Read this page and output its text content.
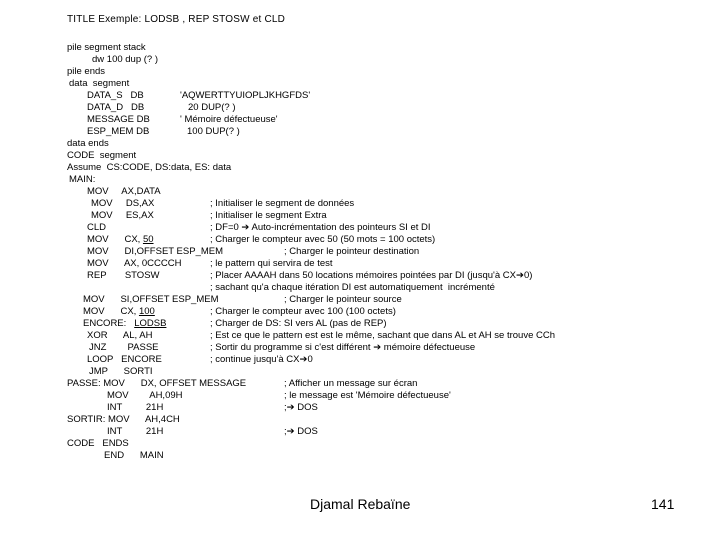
TITLE Exemple: LODSB , REP STOSW et CLD
pile segment stack
dw 100 dup (? )
pile ends
data  segment
DATA_S   DB	'AQWERTTYUIOPLJKHGFDS'
DATA_D   DB	20 DUP(? )
MESSAGE DB	' Mémoire défectueuse'
ESP_MEM DB	100 DUP(? )
data ends
CODE  segment
Assume  CS:CODE, DS:data, ES: data
MAIN:
MOV     AX,DATA
MOV     DS,AX	; Initialiser le segment de données
MOV     ES,AX	; Initialiser le segment Extra
CLD	; DF=0 ➔ Auto-incrémentation des pointeurs SI et DI
MOV      CX, 50	; Charger le compteur avec 50 (50 mots = 100 octets)
MOV      DI,OFFSET ESP_MEM	; Charger le pointeur destination
MOV      AX, 0CCCCH	; le pattern qui servira de test
REP       STOSW	; Placer AAAAH dans 50 locations mémoires pointées par DI (jusqu'à CX➔0)
; sachant qu'a chaque itération DI est automatiquement  incrémenté
MOV      SI,OFFSET ESP_MEM	; Charger le pointeur source
MOV      CX, 100	; Charger le compteur avec 100 (100 octets)
ENCORE:   LODSB	; Charger de DS: SI vers AL (pas de REP)
XOR      AL, AH	; Est ce que le pattern est est le même, sachant que dans AL et AH se trouve CCh
JNZ        PASSE	; Sortir du programme si c'est différent ➔ mémoire défectueuse
LOOP   ENCORE	; continue jusqu'à CX➔0
JMP      SORTI
PASSE: MOV      DX, OFFSET MESSAGE	; Afficher un message sur écran
MOV        AH,09H	; le message est 'Mémoire défectueuse'
INT         21H	;➔ DOS
SORTIR: MOV      AH,4CH
INT         21H	;➔ DOS
CODE   ENDS
END      MAIN
Djamal Rebaïne	141
